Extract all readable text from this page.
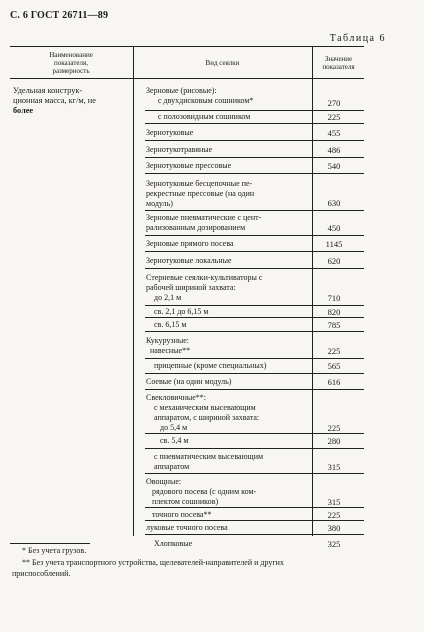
С. 6 ГОСТ 26711—89
Таблица 6
Наименование
показателя,
размерность
Вид сеялки	Значение
показателя
Удельная конструк-
ционная масса, кг/м, не
более
Зерновые (рисовые):
с двухдисковым сошником*	270
с полозовидным сошником	225
Зернотуковые	455
Зернотукотравяные	486
Зернотуковые прессовые	540
Зернотуковые бесцепочные пе-
рекрестные прессовые (на один
модуль)	630
Зерновые пневматические с цент-
рализованным дозированием	450
Зерновые прямого посева	1145
Зернотуковые локальные	620
Стерневые сеялки-культиваторы с
рабочей шириной захвата:
до 2,1 м	710
св. 2,1 до 6,15 м	820
св. 6,15 м	785
Кукурузные:
навесные**	225
прицепные (кроме специальных)	565
Соевые (на один модуль)	616
Свекловичные**:
с механическим высевающим
аппаратом, с шириной захвата:
до 5,4 м	225
св. 5,4 м	280
с пневматическим высевающим
аппаратом	315
Овощные:
рядового посева (с одним ком-
плектом сошников)	315
точного посева**	225
луковые точного посева	380
Хлопковые	325
* Без учета грузов.
** Без учета транспортного устройства, щелевателей-направителей и других
приспособлений.
